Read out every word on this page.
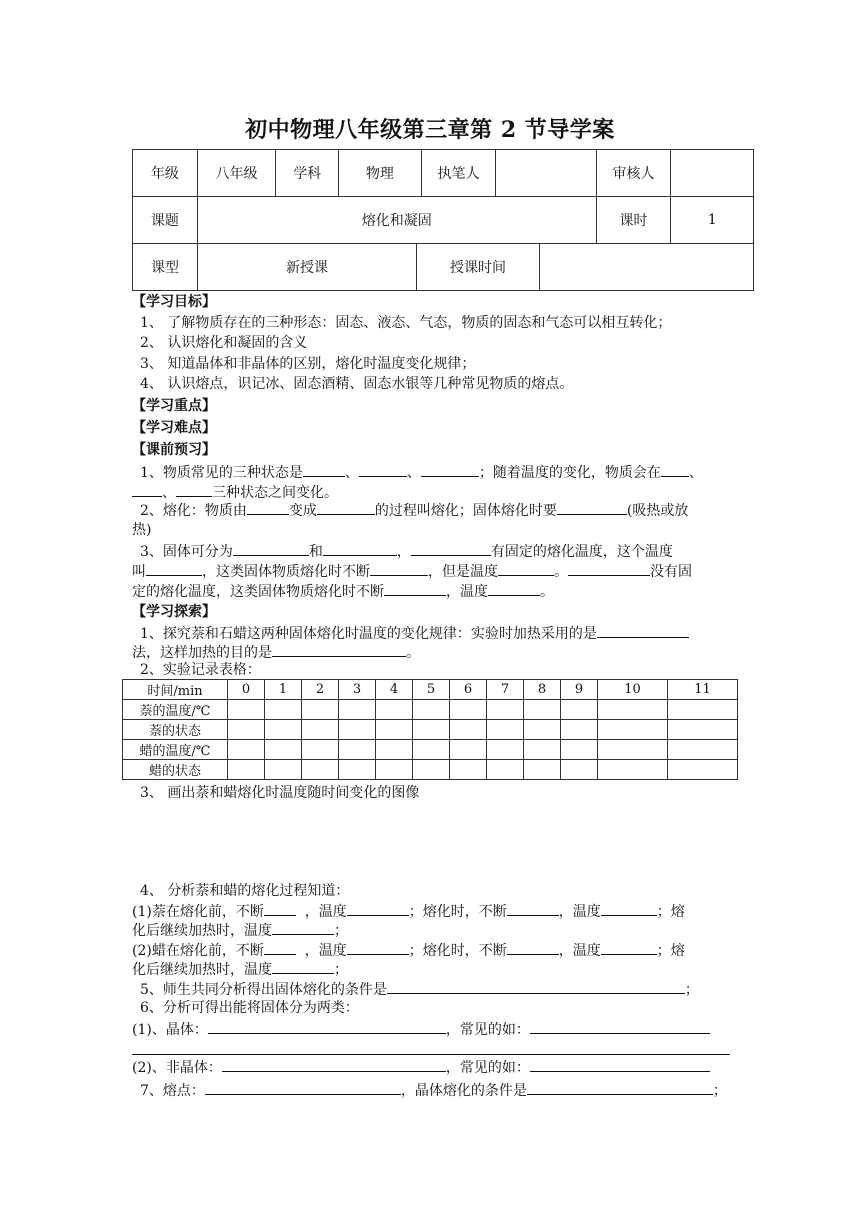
初中物理八年级第三章第 2 节导学案
年级	八年级	学科	物理	执笔人		审核人	
课题	熔化和凝固					课时	1
课型	新授课	授课时间	
【学习目标】
1、 了解物质存在的三种形态：固态、液态、气态，物质的固态和气态可以相互转化；
2、 认识熔化和凝固的含义
3、 知道晶体和非晶体的区别，熔化时温度变化规律；
4、 认识熔点，识记冰、固态酒精、固态水银等几种常见物质的熔点。
【学习重点】
【学习难点】
【课前预习】
1、物质常见的三种状态是	、	、	；随着温度的变化，物质会在 、
、	三种状态之间变化。
2、熔化：物质由	变成	的过程叫熔化；固体熔化时要	(吸热或放
热)
3、固体可分为	和	，	有固定的熔化温度，这个温度
叫	，这类固体物质熔化时不断	，但是温度	。	没有固
定的熔化温度，这类固体物质熔化时不断	，温度	。
【学习探索】
1、探究萘和石蜡这两种固体熔化时温度的变化规律：实验时加热采用的是
法，这样加热的目的是	。
2、实验记录表格：
时间/min	0	1	2	3	4	5	6	7	8	9	10	11
萘的温度/℃												
萘的状态												
蜡的温度/℃												
蜡的状态												
3、 画出萘和蜡熔化时温度随时间变化的图像
4、 分析萘和蜡的熔化过程知道：
(1)萘在熔化前，不断	，温度	；熔化时，不断	，温度	；熔
化后继续加热时，温度	；
(2)蜡在熔化前，不断	，温度	；熔化时，不断	，温度	；熔
化后继续加热时，温度	；
5、师生共同分析得出固体熔化的条件是	；
6、分析可得出能将固体分为两类：
(1)、晶体：	，常见的如：
(2)、非晶体：	，常见的如：
7、熔点：	，晶体熔化的条件是	；
